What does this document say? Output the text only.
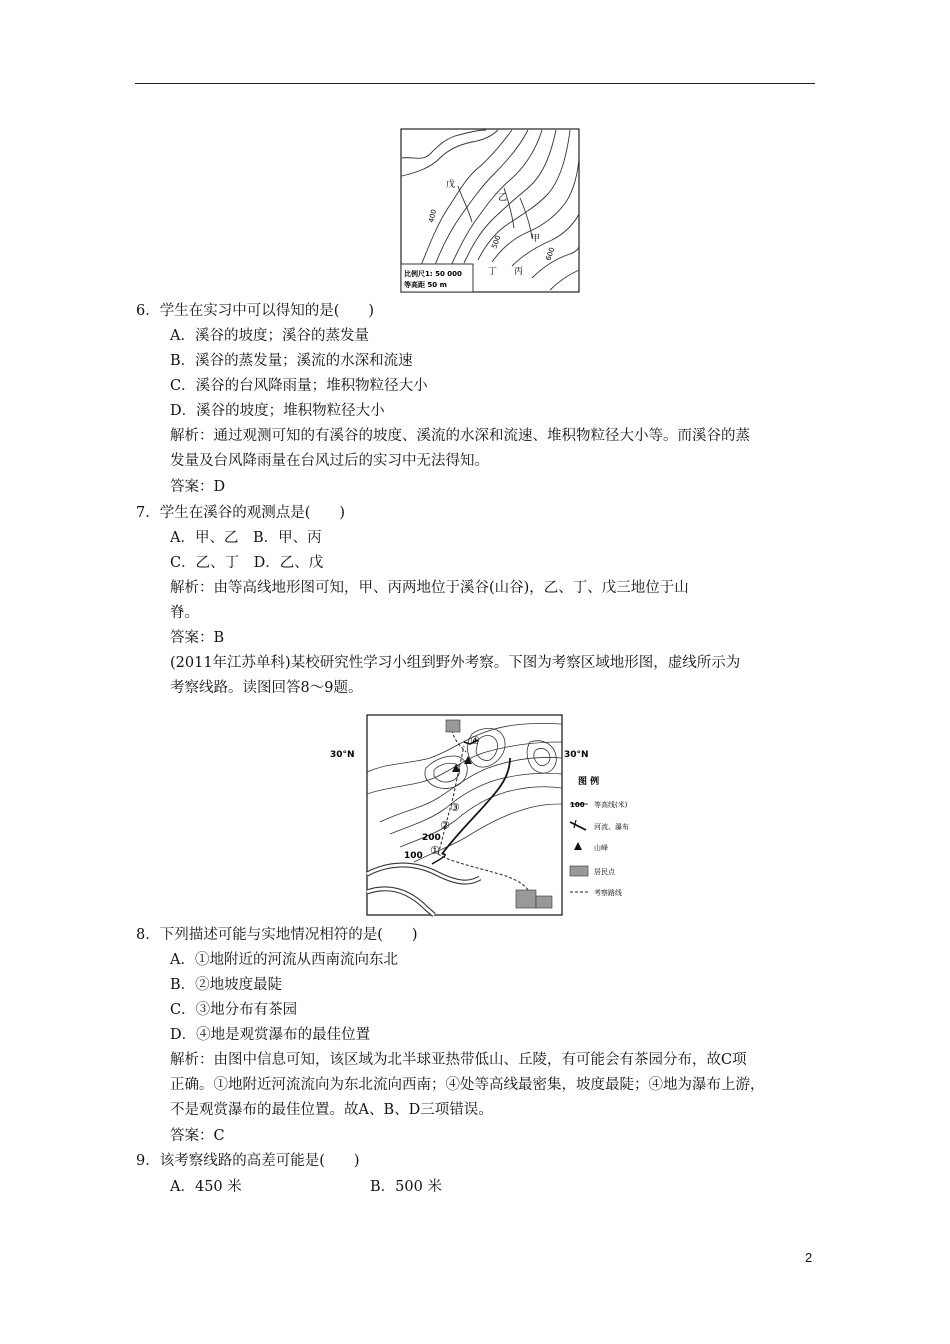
戊
乙
甲
丁 丙
400
500
600
比例尺1: 50 000
等高距 50 m
6．学生在实习中可以得知的是(　　)
A．溪谷的坡度；溪谷的蒸发量
B．溪谷的蒸发量；溪流的水深和流速
C．溪谷的台风降雨量；堆积物粒径大小
D．溪谷的坡度；堆积物粒径大小
解析：通过观测可知的有溪谷的坡度、溪流的水深和流速、堆积物粒径大小等。而溪谷的蒸
发量及台风降雨量在台风过后的实习中无法得知。
答案：D
7．学生在溪谷的观测点是(　　)
A．甲、乙　B．甲、丙
C．乙、丁　D．乙、戊
解析：由等高线地形图可知，甲、丙两地位于溪谷(山谷)，乙、丁、戊三地位于山
脊。
答案：B
(2011年江苏单科)某校研究性学习小组到野外考察。下图为考察区域地形图，虚线所示为
考察线路。读图回答8～9题。
30°N	30°N
④
③
②
①
200
100
图 例
100 等高线(米)
河流、瀑布
山峰
居民点
考察路线
8．下列描述可能与实地情况相符的是(　　)
A．①地附近的河流从西南流向东北
B．②地坡度最陡
C．③地分布有茶园
D．④地是观赏瀑布的最佳位置
解析：由图中信息可知，该区域为北半球亚热带低山、丘陵，有可能会有茶园分布，故C项
正确。①地附近河流流向为东北流向西南；④处等高线最密集，坡度最陡；④地为瀑布上游，
不是观赏瀑布的最佳位置。故A、B、D三项错误。
答案：C
9．该考察线路的高差可能是(　　)
A．450 米	B．500 米
2
